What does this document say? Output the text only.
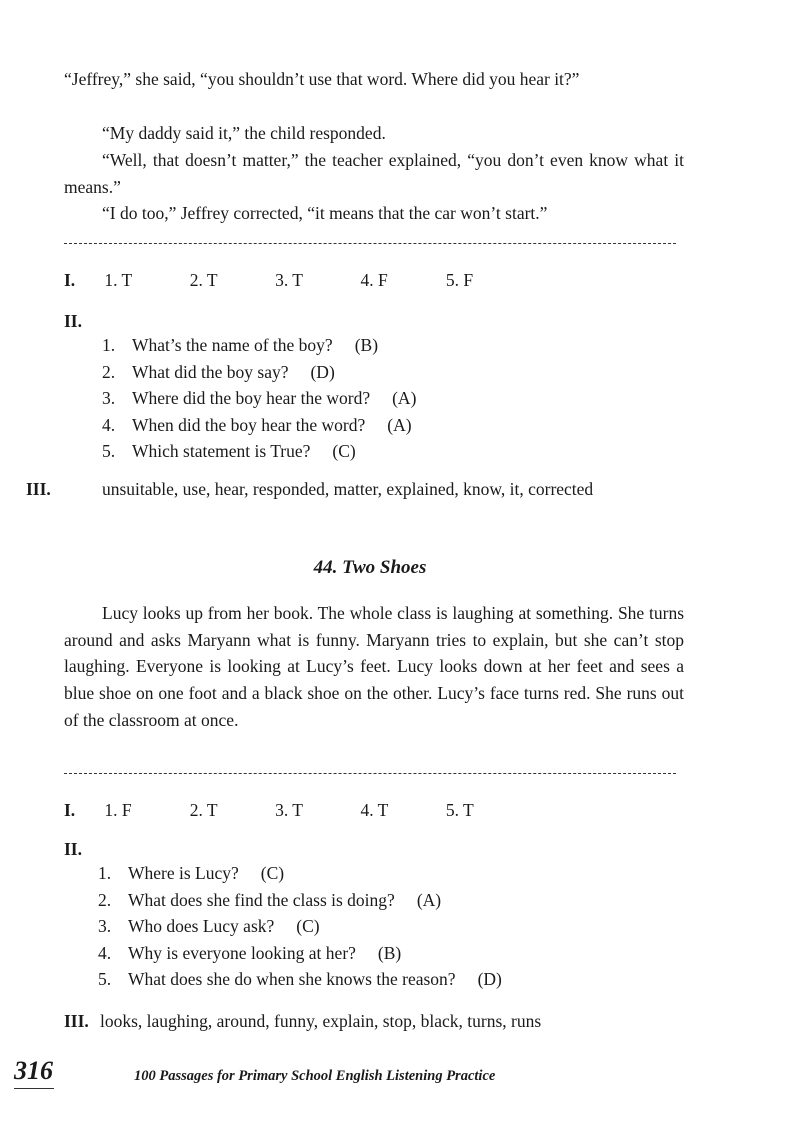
“Jeffrey,” she said, “you shouldn’t use that word. Where did you hear it?”

“My daddy said it,” the child responded.

“Well, that doesn’t matter,” the teacher explained, “you don’t even know what it means.”

“I do too,” Jeffrey corrected, “it means that the car won’t start.”

I. 1. T	2. T	3. T	4. F	5. F
II.
1. What’s the name of the boy? (B)
2. What did the boy say? (D)
3. Where did the boy hear the word? (A)
4. When did the boy hear the word? (A)
5. Which statement is True? (C)
III.	unsuitable, use, hear, responded, matter, explained, know, it, corrected
44. Two Shoes

Lucy looks up from her book. The whole class is laughing at something. She turns around and asks Maryann what is funny. Maryann tries to explain, but she can’t stop laughing. Everyone is looking at Lucy’s feet. Lucy looks down at her feet and sees a blue shoe on one foot and a black shoe on the other. Lucy’s face turns red. She runs out of the classroom at once.

I. 1. F	2. T	3. T	4. T	5. T
II.
1. Where is Lucy? (C)
2. What does she find the class is doing? (A)
3. Who does Lucy ask? (C)
4. Why is everyone looking at her? (B)
5. What does she do when she knows the reason? (D)
III. looks, laughing, around, funny, explain, stop, black, turns, runs
316	100 Passages for Primary School English Listening Practice
